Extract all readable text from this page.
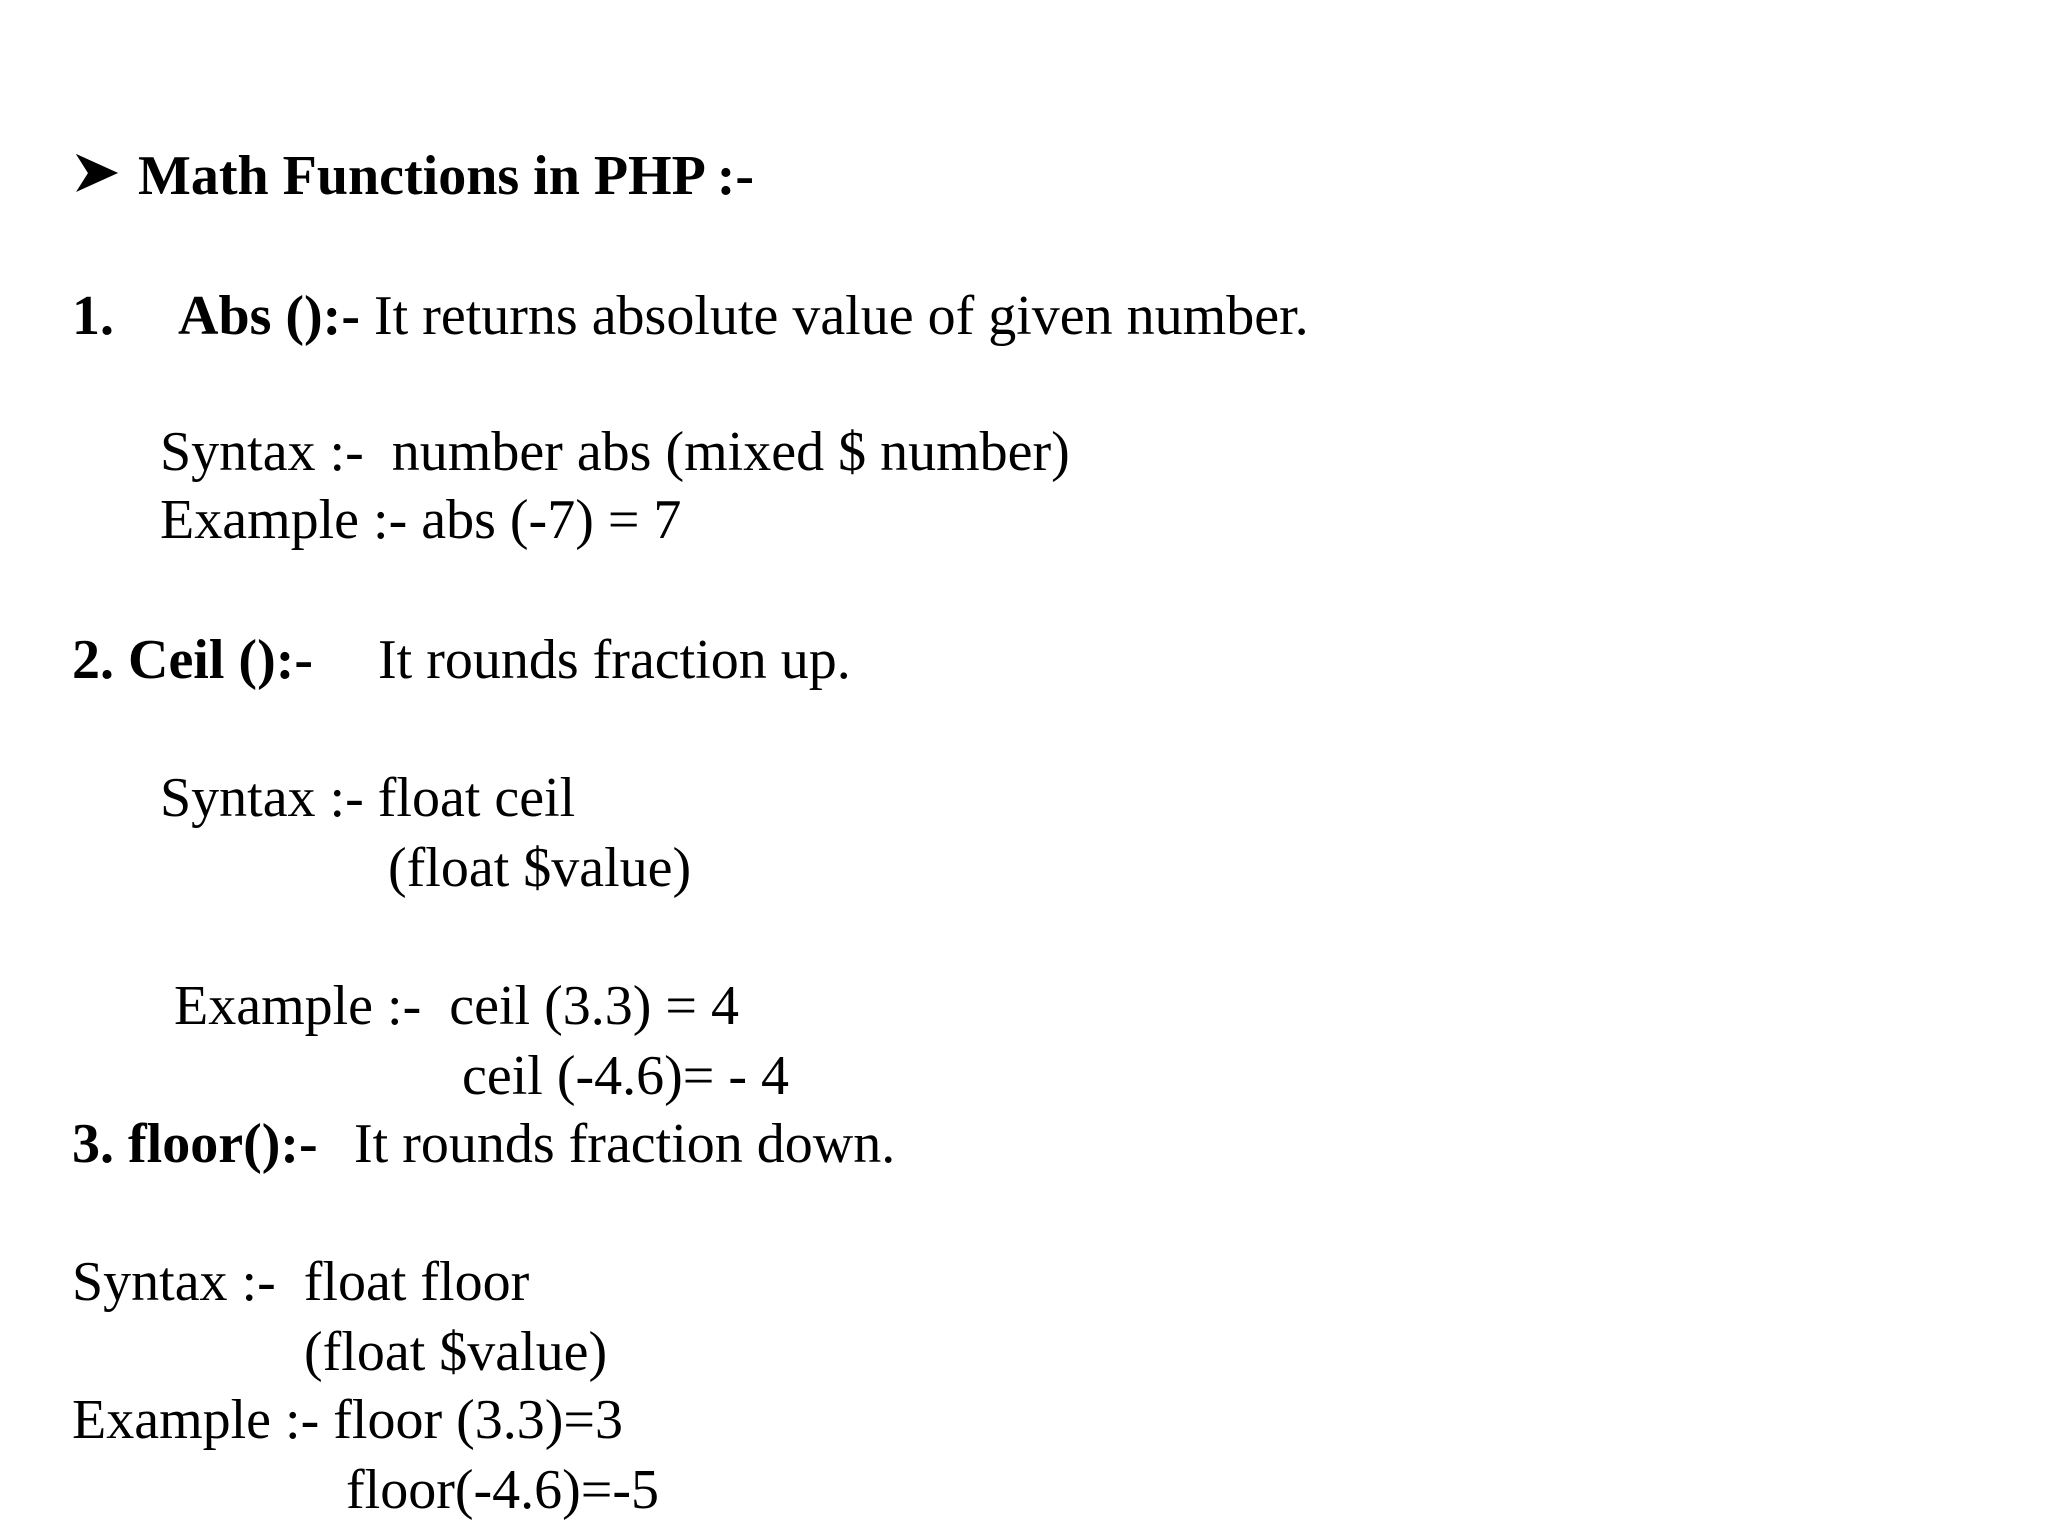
Math Functions in PHP :-
1. Abs ():- It returns absolute value of given number.
Syntax :-  number abs (mixed $ number)
Example :- abs (-7) = 7
2. Ceil ():- It rounds fraction up.
Syntax :- float ceil
(float $value)
Example :-  ceil (3.3) = 4
ceil (-4.6)= - 4
3. floor():- It rounds fraction down.
Syntax :-  float floor
(float $value)
Example :- floor (3.3)=3
floor(-4.6)=-5
